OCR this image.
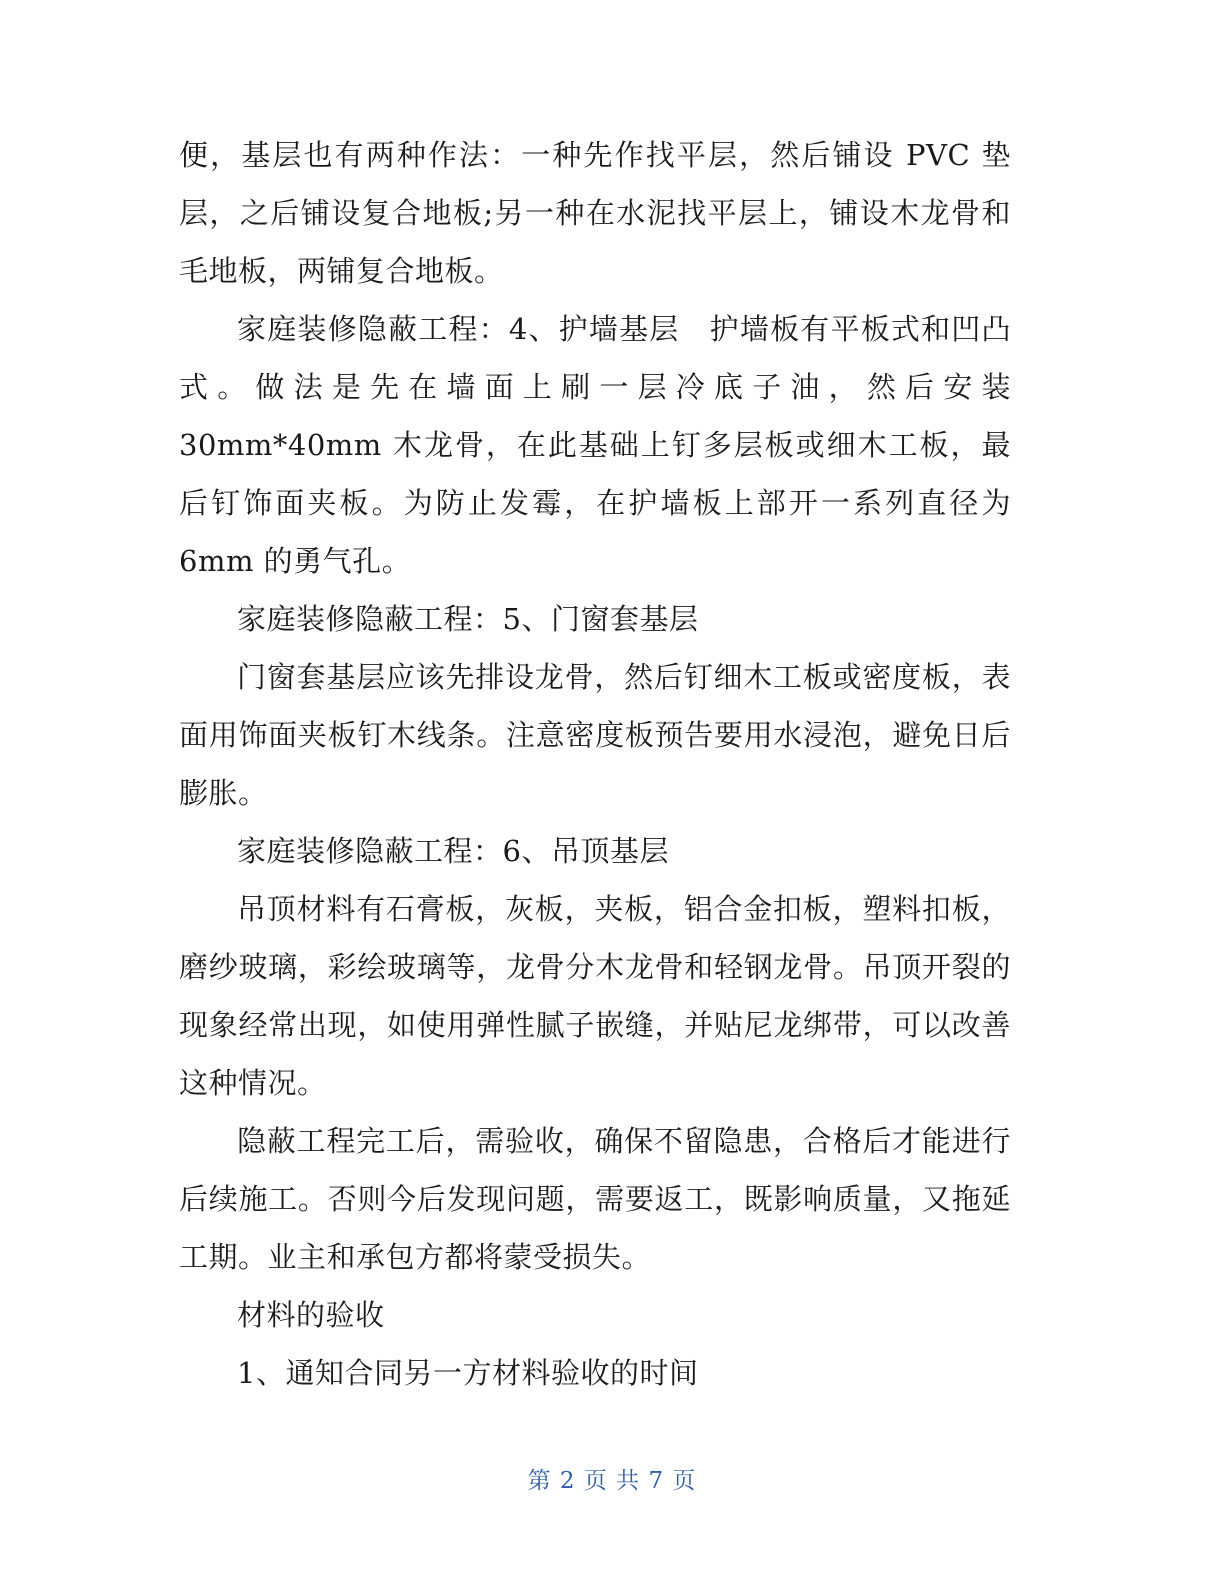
便，基层也有两种作法：一种先作找平层，然后铺设 PVC 垫层，之后铺设复合地板;另一种在水泥找平层上，铺设木龙骨和毛地板，两铺复合地板。

家庭装修隐蔽工程：4、护墙基层　护墙板有平板式和凹凸式。做法是先在墙面上刷一层冷底子油，然后安装 30mm*40mm 木龙骨，在此基础上钉多层板或细木工板，最后钉饰面夹板。为防止发霉，在护墙板上部开一系列直径为 6mm 的勇气孔。

家庭装修隐蔽工程：5、门窗套基层

门窗套基层应该先排设龙骨，然后钉细木工板或密度板，表面用饰面夹板钉木线条。注意密度板预告要用水浸泡，避免日后膨胀。

家庭装修隐蔽工程：6、吊顶基层

吊顶材料有石膏板，灰板，夹板，铝合金扣板，塑料扣板，磨纱玻璃，彩绘玻璃等，龙骨分木龙骨和轻钢龙骨。吊顶开裂的现象经常出现，如使用弹性腻子嵌缝，并贴尼龙绑带，可以改善这种情况。

隐蔽工程完工后，需验收，确保不留隐患，合格后才能进行后续施工。否则今后发现问题，需要返工，既影响质量，又拖延工期。业主和承包方都将蒙受损失。

材料的验收

1、通知合同另一方材料验收的时间

第 2 页 共 7 页
